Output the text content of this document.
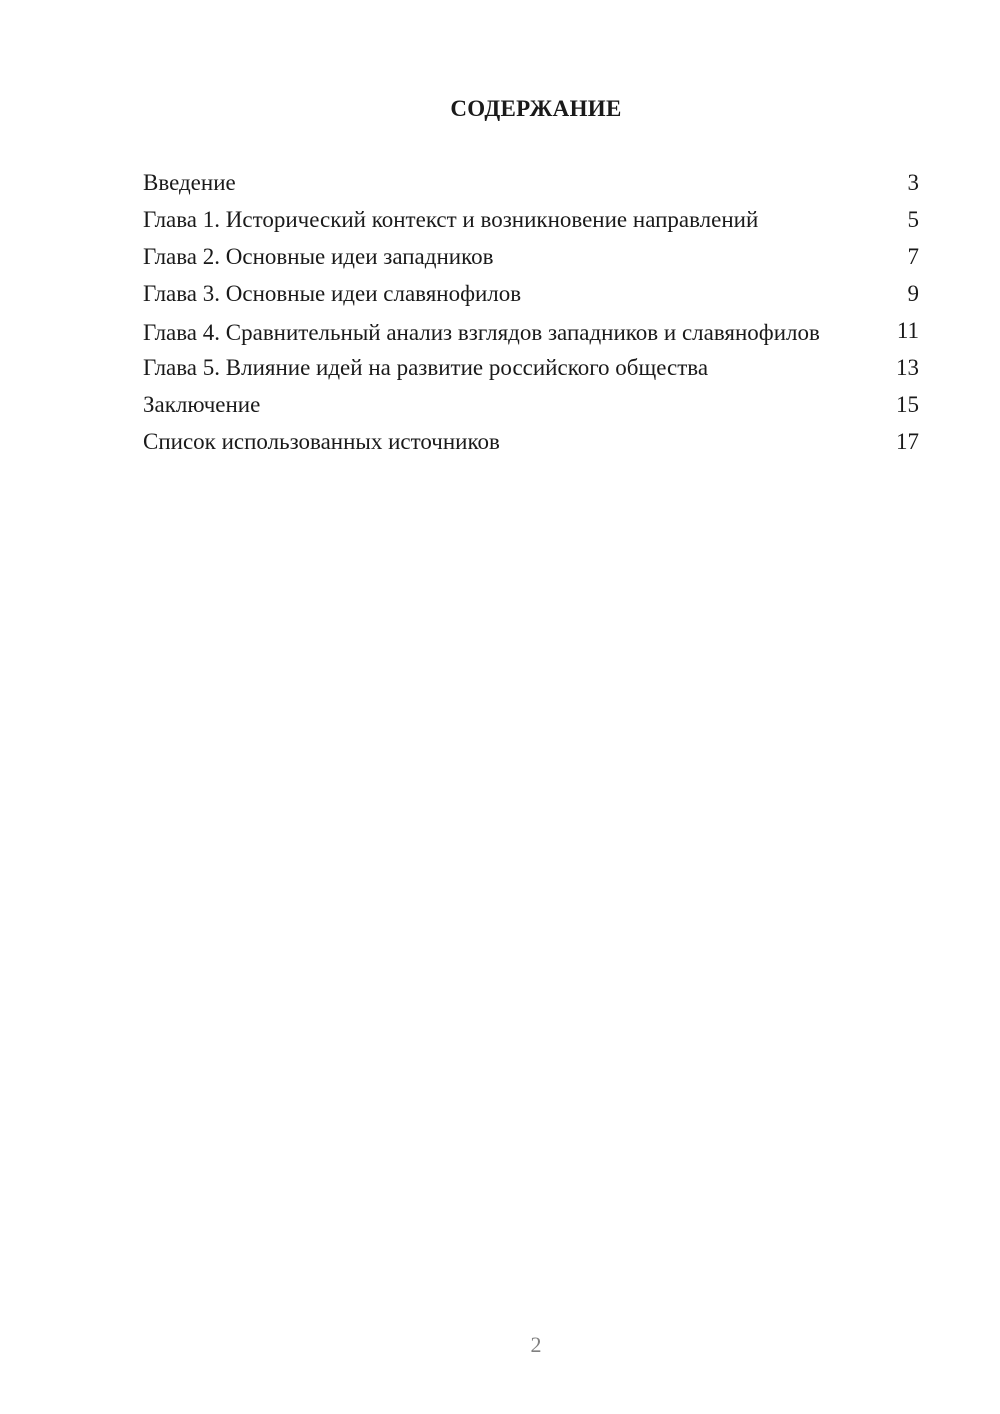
СОДЕРЖАНИЕ
Введение	3
Глава 1. Исторический контекст и возникновение направлений	5
Глава 2. Основные идеи западников	7
Глава 3. Основные идеи славянофилов	9
Глава 4. Сравнительный анализ взглядов западников и славянофилов	11
Глава 5. Влияние идей на развитие российского общества	13
Заключение	15
Список использованных источников	17
2
